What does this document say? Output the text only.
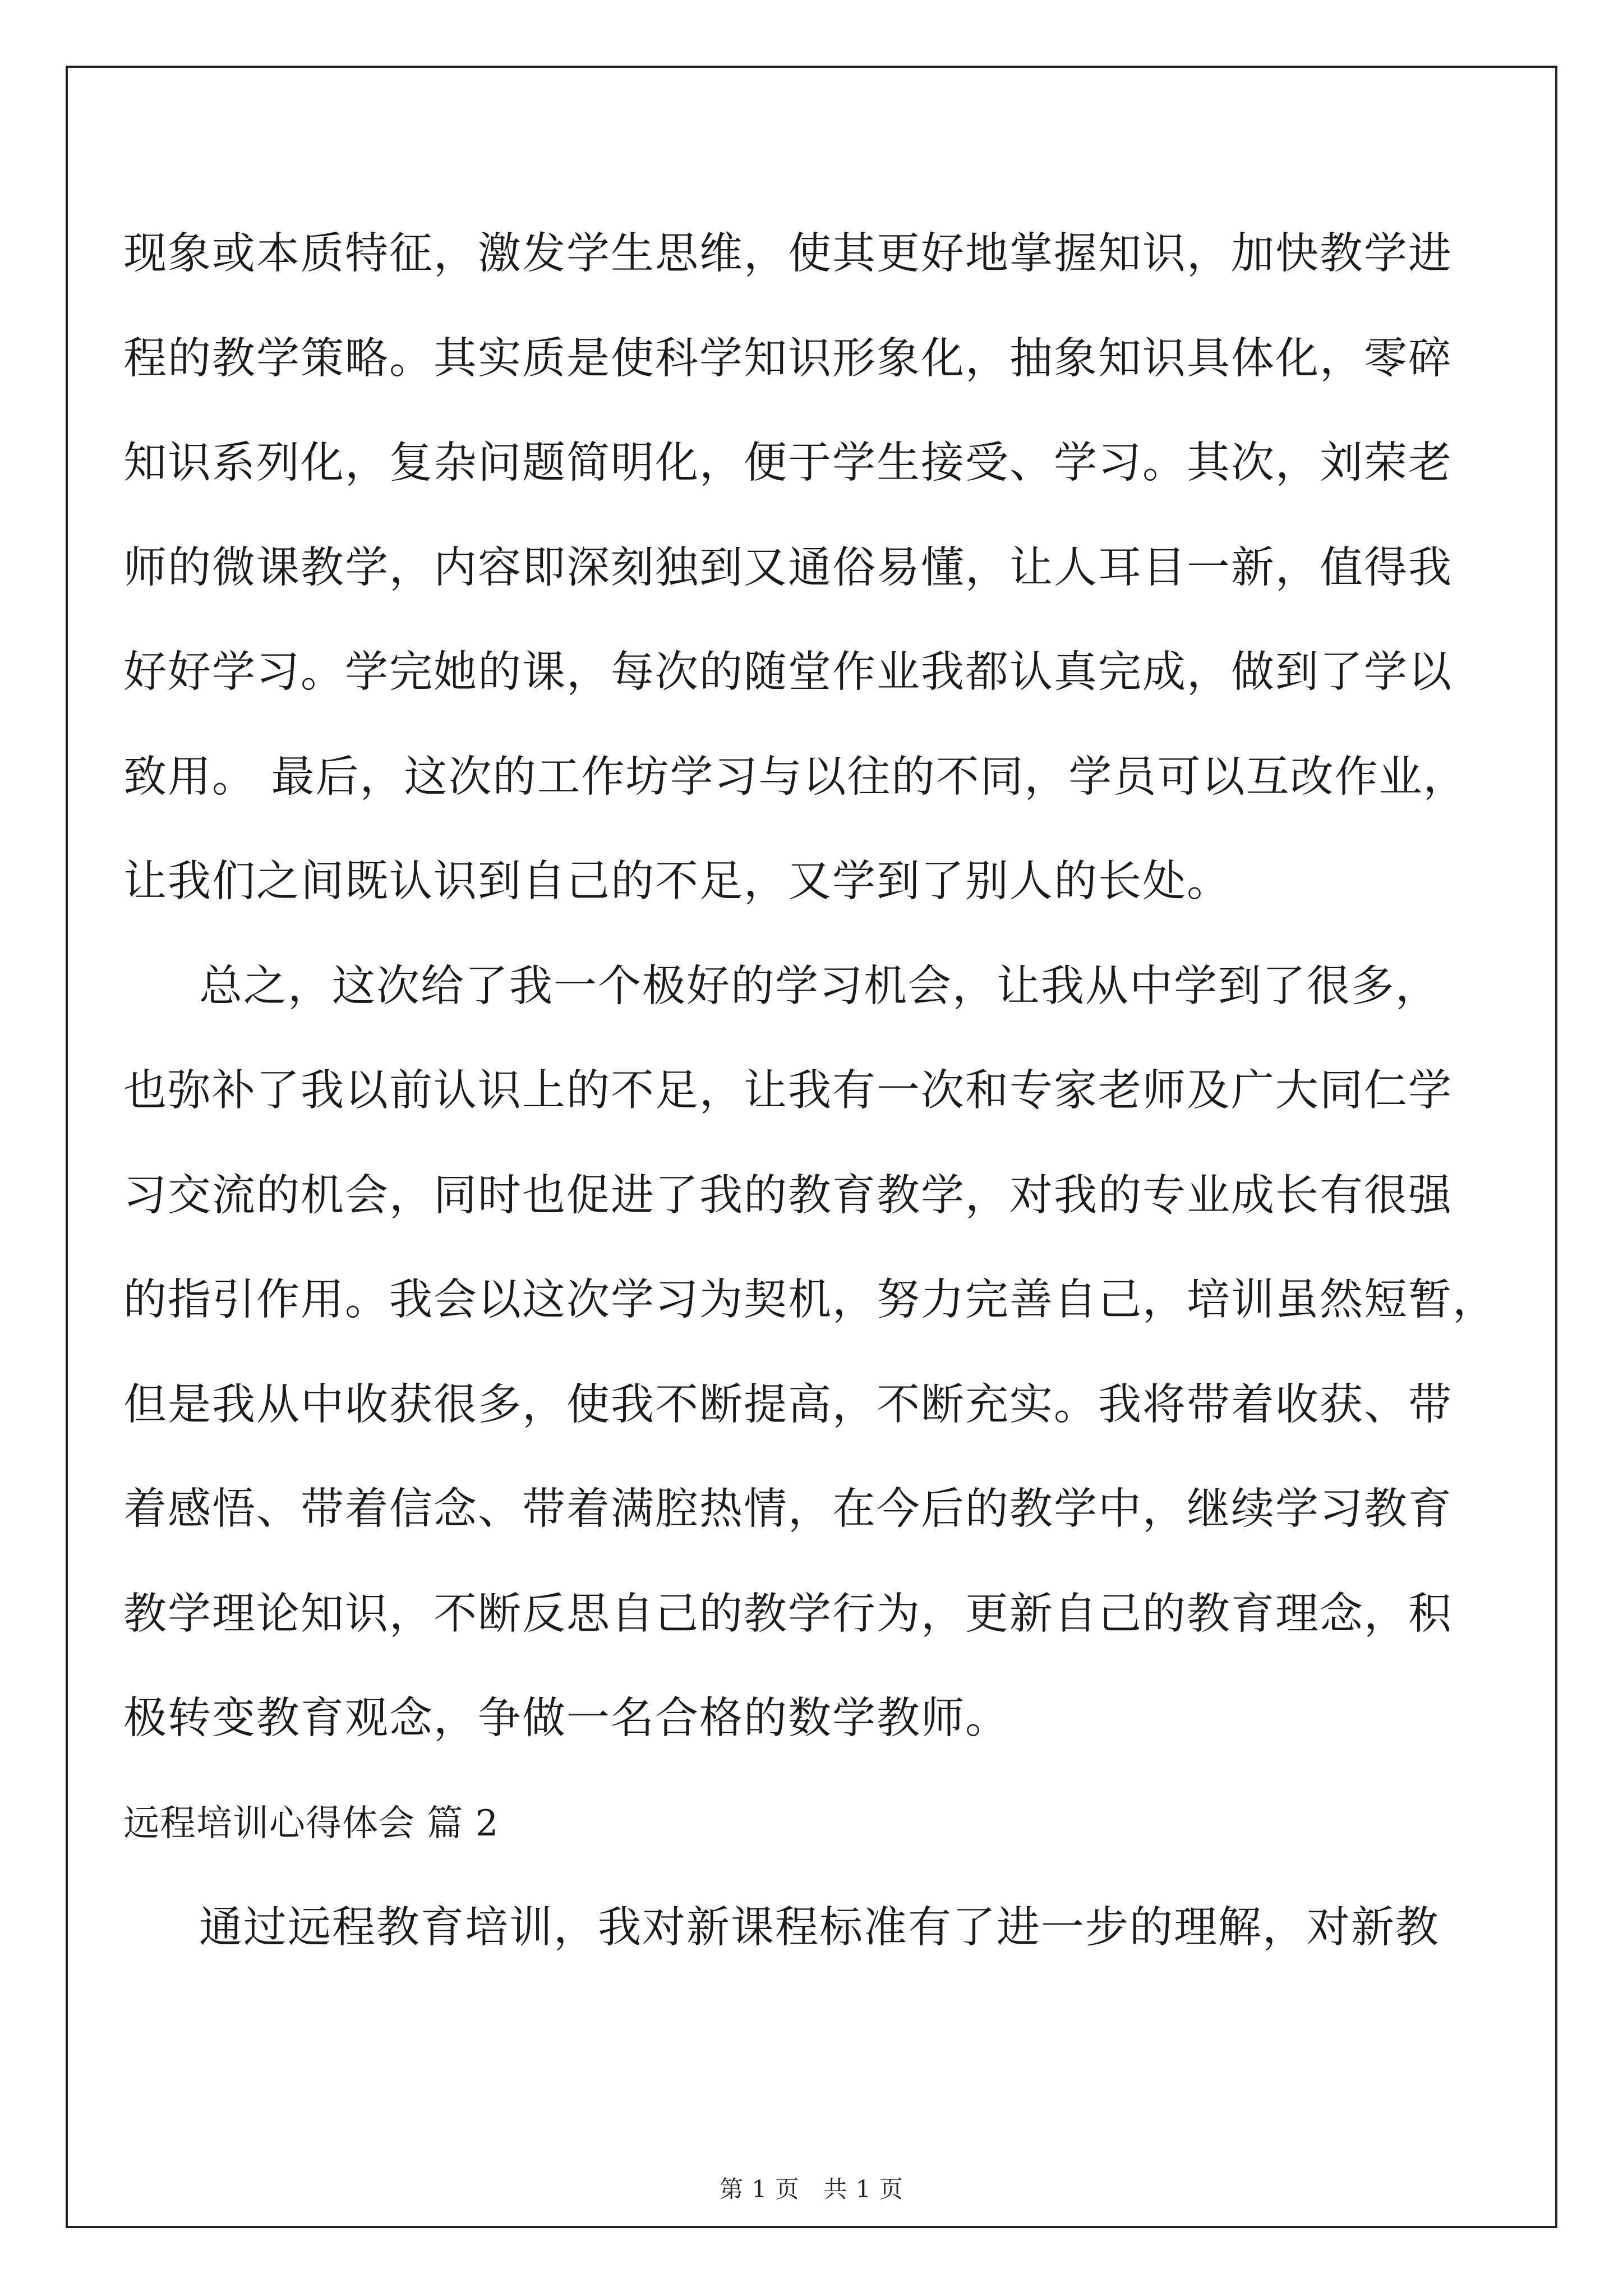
现象或本质特征，激发学生思维，使其更好地掌握知识，加快教学进

程的教学策略。其实质是使科学知识形象化，抽象知识具体化，零碎

知识系列化，复杂问题简明化，便于学生接受、学习。其次，刘荣老

师的微课教学，内容即深刻独到又通俗易懂，让人耳目一新，值得我

好好学习。学完她的课，每次的随堂作业我都认真完成，做到了学以

致用。 最后，这次的工作坊学习与以往的不同，学员可以互改作业，

让我们之间既认识到自己的不足，又学到了别人的长处。

总之，这次给了我一个极好的学习机会，让我从中学到了很多，

也弥补了我以前认识上的不足，让我有一次和专家老师及广大同仁学

习交流的机会，同时也促进了我的教育教学，对我的专业成长有很强

的指引作用。我会以这次学习为契机，努力完善自己，培训虽然短暂，

但是我从中收获很多，使我不断提高，不断充实。我将带着收获、带

着感悟、带着信念、带着满腔热情，在今后的教学中，继续学习教育

教学理论知识，不断反思自己的教学行为，更新自己的教育理念，积

极转变教育观念，争做一名合格的数学教师。

远程培训心得体会 篇 2

通过远程教育培训，我对新课程标准有了进一步的理解，对新教

第 1 页　共 1 页
